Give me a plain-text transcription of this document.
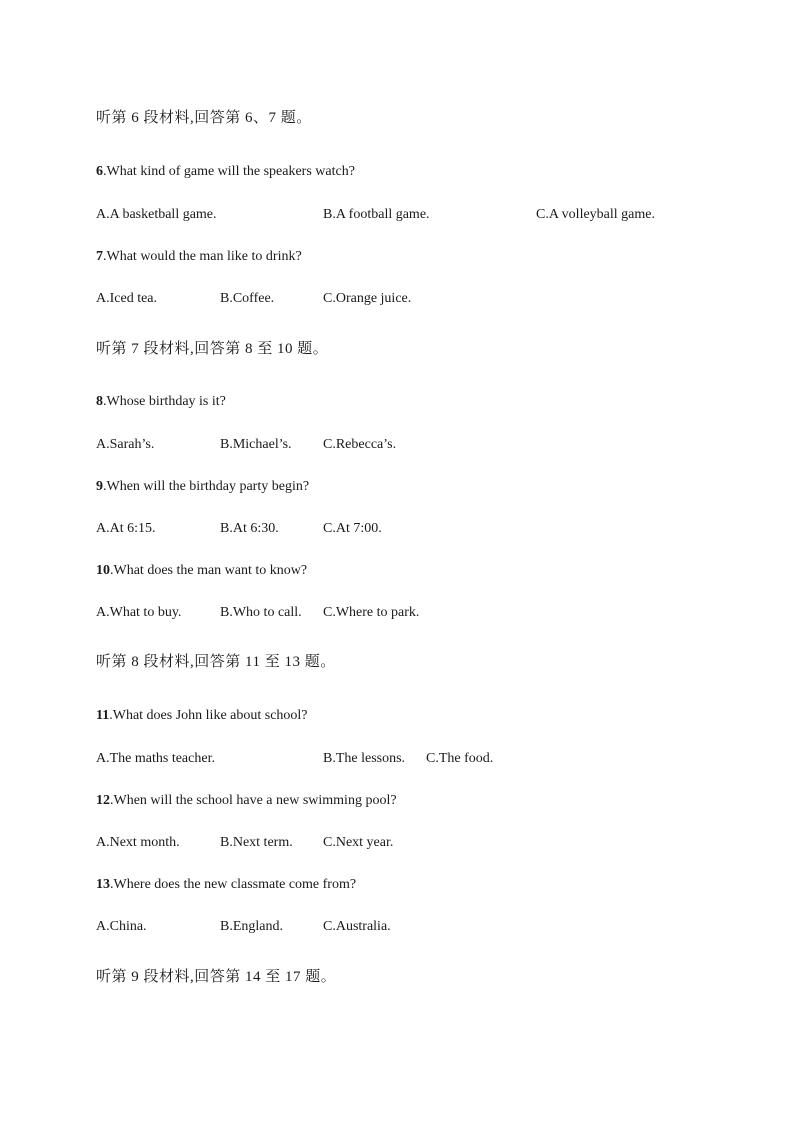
听第 6 段材料,回答第 6、7 题。
6.What kind of game will the speakers watch?
A.A basketball game.	B.A football game.	C.A volleyball game.
7.What would the man like to drink?
A.Iced tea.	B.Coffee.	C.Orange juice.
听第 7 段材料,回答第 8 至 10 题。
8.Whose birthday is it?
A.Sarah’s.	B.Michael’s. C.Rebecca’s.
9.When will the birthday party begin?
A.At 6:15.	B.At 6:30.	C.At 7:00.
10.What does the man want to know?
A.What to buy.	B.Who to call. C.Where to park.
听第 8 段材料,回答第 11 至 13 题。
11.What does John like about school?
A.The maths teacher.	B.The lessons. C.The food.
12.When will the school have a new swimming pool?
A.Next month.	B.Next term. C.Next year.
13.Where does the new classmate come from?
A.China.	B.England.	C.Australia.
听第 9 段材料,回答第 14 至 17 题。
